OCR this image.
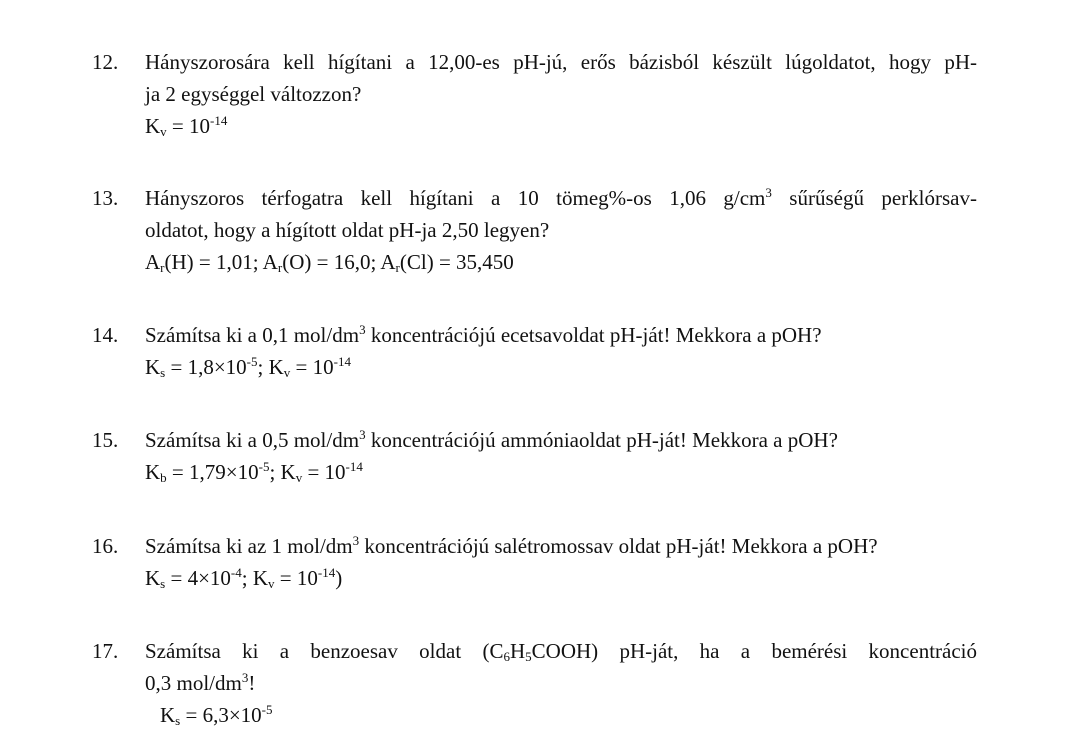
12. Hányszorosára kell hígítani a 12,00-es pH-jú, erős bázisból készült lúgoldatot, hogy pH-
ja 2 egységgel változzon?
$K_v = 10^{-14}$
13. Hányszoros térfogatra kell hígítani a 10 tömeg%-os 1,06 $g/cm^3$ sűrűségű perklórsav-
oldatot, hogy a hígított oldat pH-ja 2,50 legyen?
$A_r(H) = 1,01$; $A_r(O) = 16,0$; $A_r(Cl) = 35,450$
14. Számítsa ki a 0,1 mol/$dm^3$ koncentrációjú ecetsavoldat pH-ját! Mekkora a pOH?
$K_s = 1,8\times 10^{-5}$; $K_v = 10^{-14}$
15. Számítsa ki a 0,5 mol/$dm^3$ koncentrációjú ammóniaoldat pH-ját! Mekkora a pOH?
$K_b = 1,79\times 10^{-5}$; $K_v = 10^{-14}$
16. Számítsa ki az 1 mol/$dm^3$ koncentrációjú salétromossav oldat pH-ját! Mekkora a pOH?
$K_s = 4\times 10^{-4}$; $K_v = 10^{-14}$)
17. Számítsa ki a benzoesav oldat $(C_6H_5COOH)$ pH-ját, ha a bemérési koncentráció
0,3 mol/$dm^3$!
$K_s = 6,3\times 10^{-5}$
